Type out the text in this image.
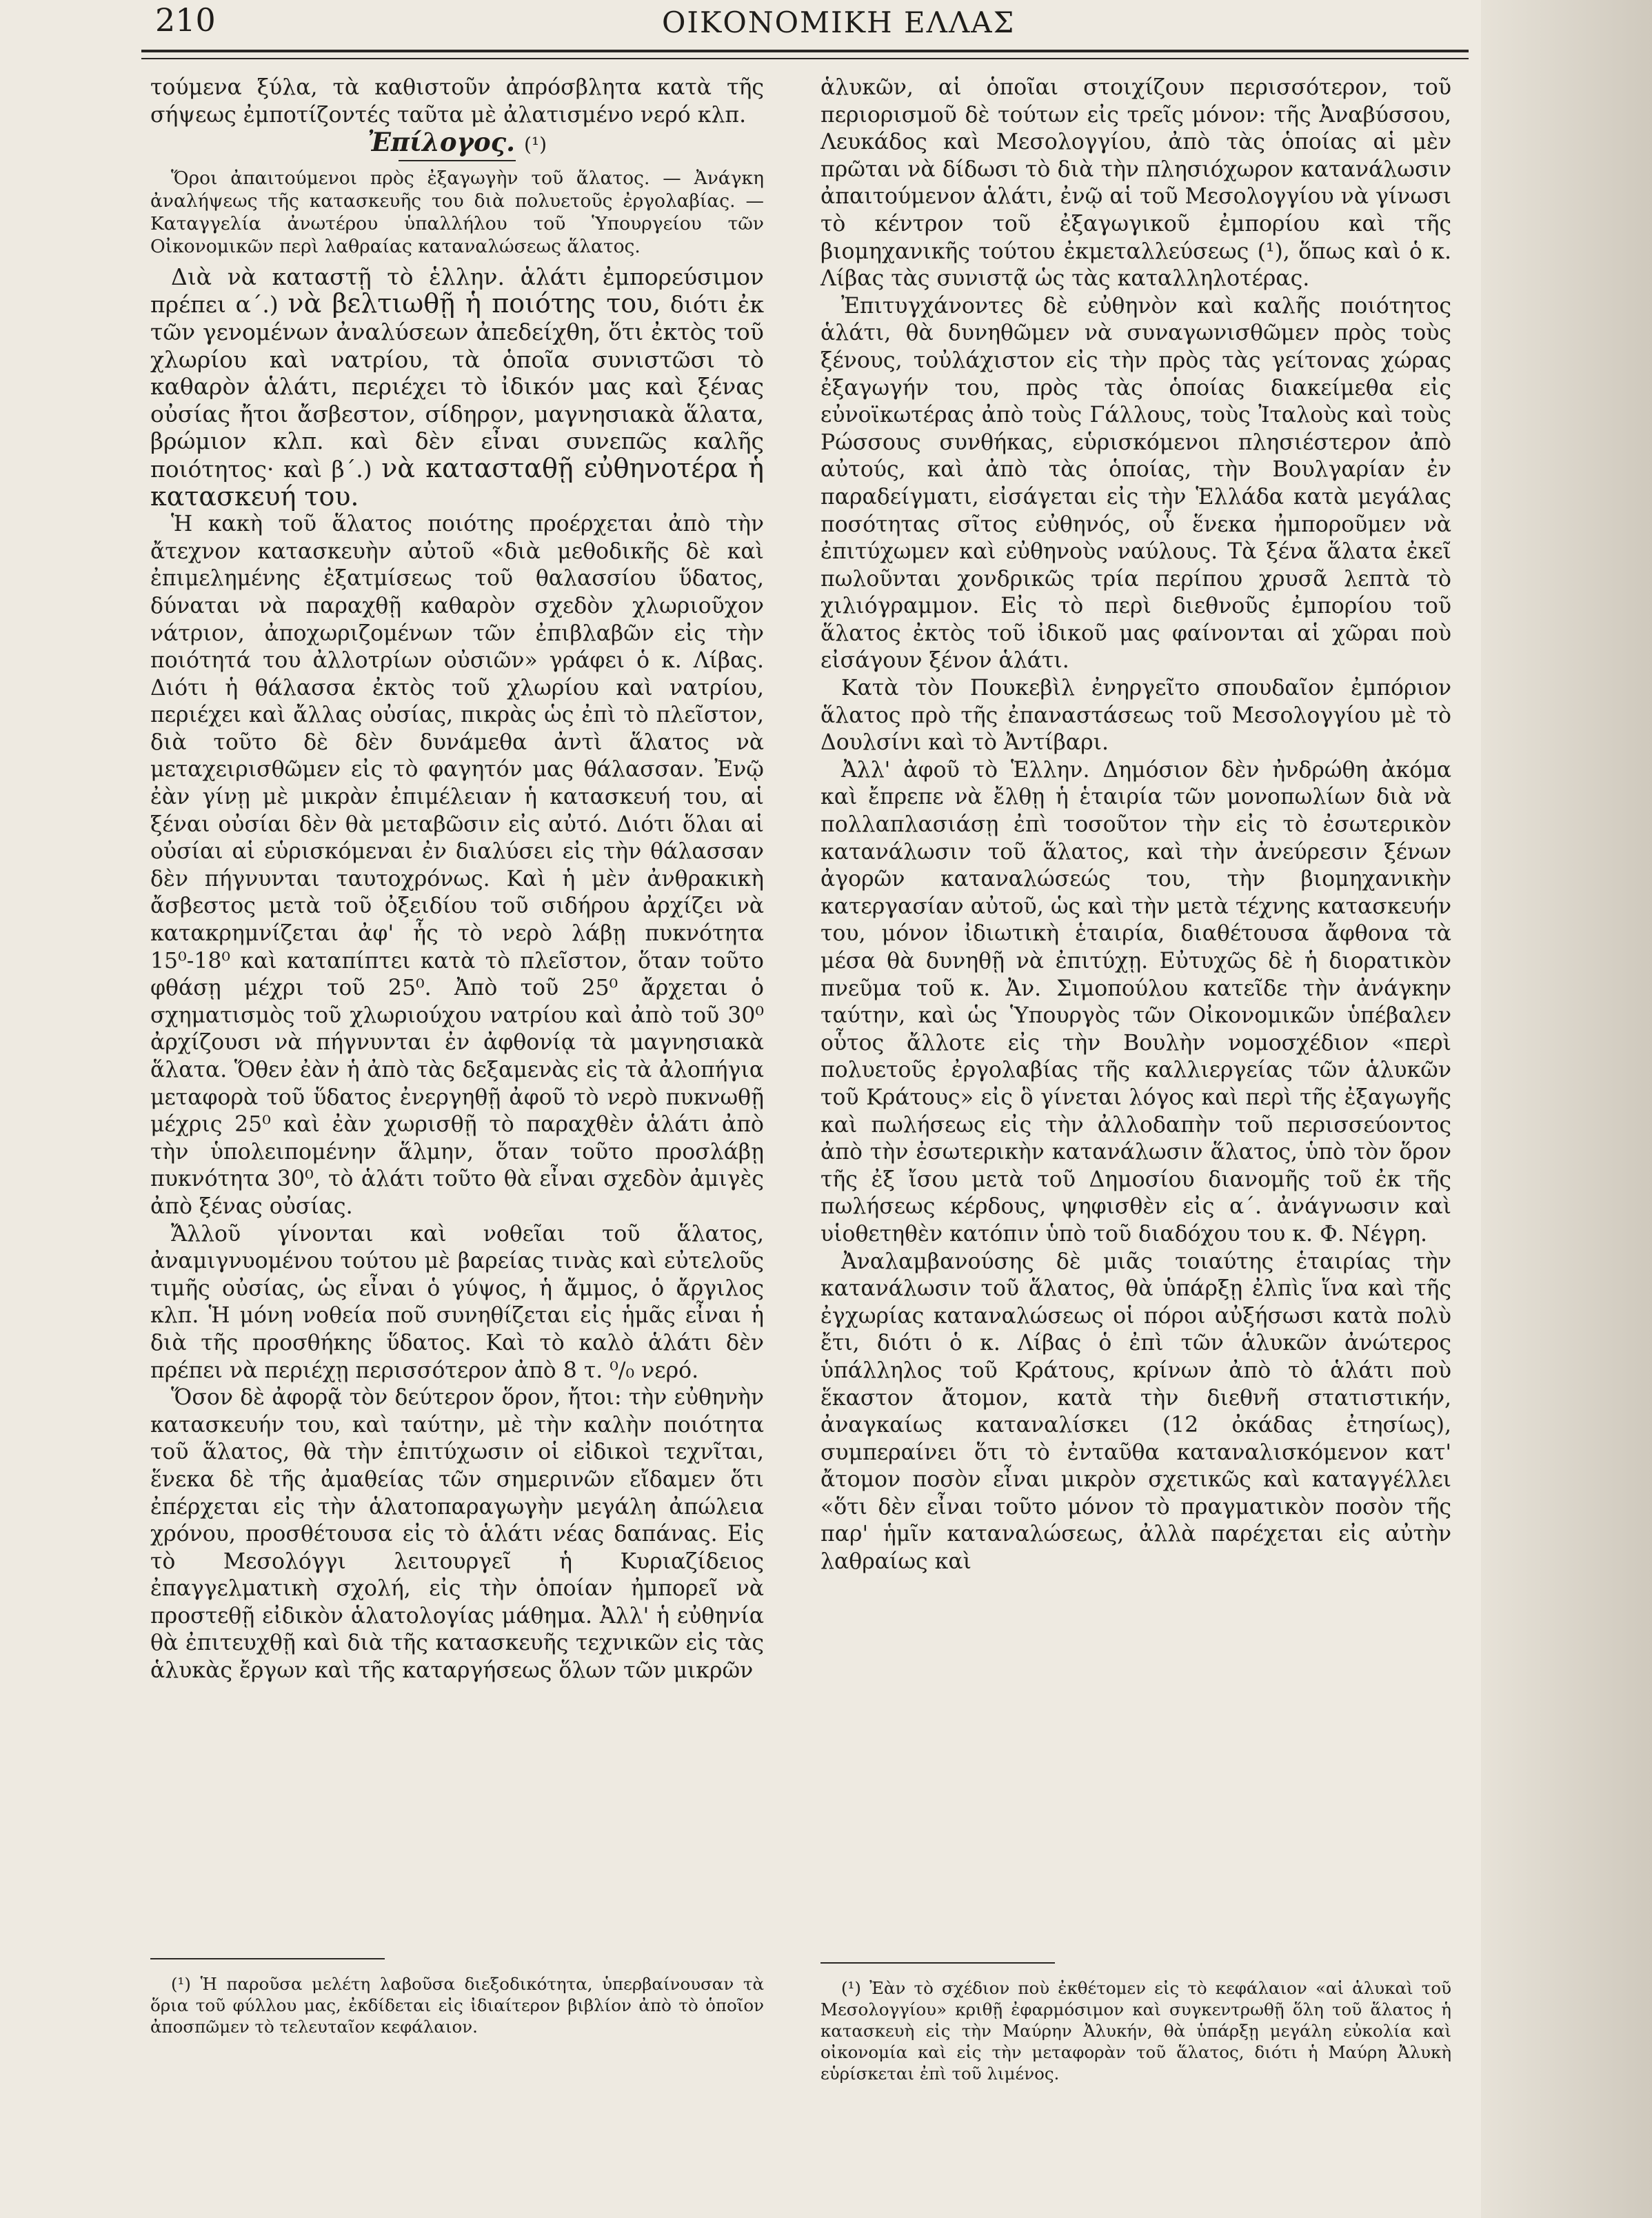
210	ΟΙΚΟΝΟΜΙΚΗ ΕΛΛΑΣ

τούμενα ξύλα, τὰ καθιστοῦν ἀπρόσβλητα κατὰ τῆς σήψεως ἐμποτίζοντές ταῦτα μὲ ἀλατισμένο νερό κλπ.

Ἐπίλογος. (¹)

Ὅροι ἀπαιτούμενοι πρὸς ἐξαγωγὴν τοῦ ἅλατος. — Ἀνάγκη ἀναλήψεως τῆς κατασκευῆς του διὰ πολυετοῦς ἐργολαβίας. — Καταγγελία ἀνωτέρου ὑπαλλήλου τοῦ Ὑπουργείου τῶν Οἰκονομικῶν περὶ λαθραίας καταναλώσεως ἅλατος.

Διὰ νὰ καταστῇ τὸ ἑλλην. ἁλάτι ἐμπορεύσιμον πρέπει α΄.) νὰ βελτιωθῇ ἡ ποιότης του, διότι ἐκ τῶν γενομένων ἀναλύσεων ἀπεδείχθη, ὅτι ἐκτὸς τοῦ χλωρίου καὶ νατρίου, τὰ ὁποῖα συνιστῶσι τὸ καθαρὸν ἁλάτι, περιέχει τὸ ἰδικόν μας καὶ ξένας οὐσίας ἤτοι ἄσβεστον, σίδηρον, μαγνησιακὰ ἅλατα, βρώμιον κλπ. καὶ δὲν εἶναι συνεπῶς καλῆς ποιότητος· καὶ β΄.) νὰ κατασταθῇ εὐθηνοτέρα ἡ κατασκευή του.

Ἡ κακὴ τοῦ ἅλατος ποιότης προέρχεται ἀπὸ τὴν ἄτεχνον κατασκευὴν αὐτοῦ «διὰ μεθοδικῆς δὲ καὶ ἐπιμελημένης ἐξατμίσεως τοῦ θαλασσίου ὕδατος, δύναται νὰ παραχθῇ καθαρὸν σχεδὸν χλωριοῦχον νάτριον, ἀποχωριζομένων τῶν ἐπιβλαβῶν εἰς τὴν ποιότητά του ἀλλοτρίων οὐσιῶν» γράφει ὁ κ. Λίβας. Διότι ἡ θάλασσα ἐκτὸς τοῦ χλωρίου καὶ νατρίου, περιέχει καὶ ἄλλας οὐσίας, πικρὰς ὡς ἐπὶ τὸ πλεῖστον, διὰ τοῦτο δὲ δὲν δυνάμεθα ἀντὶ ἅλατος νὰ μεταχειρισθῶμεν εἰς τὸ φαγητόν μας θάλασσαν. Ἐνῷ ἐὰν γίνῃ μὲ μικρὰν ἐπιμέλειαν ἡ κατασκευή του, αἱ ξέναι οὐσίαι δὲν θὰ μεταβῶσιν εἰς αὐτό. Διότι ὅλαι αἱ οὐσίαι αἱ εὑρισκόμεναι ἐν διαλύσει εἰς τὴν θάλασσαν δὲν πήγνυνται ταυτοχρόνως. Καὶ ἡ μὲν ἀνθρακικὴ ἄσβεστος μετὰ τοῦ ὀξειδίου τοῦ σιδήρου ἀρχίζει νὰ κατακρημνίζεται ἀφ' ἧς τὸ νερὸ λάβῃ πυκνότητα 15⁰-18⁰ καὶ καταπίπτει κατὰ τὸ πλεῖστον, ὅταν τοῦτο φθάσῃ μέχρι τοῦ 25⁰. Ἀπὸ τοῦ 25⁰ ἄρχεται ὁ σχηματισμὸς τοῦ χλωριούχου νατρίου καὶ ἀπὸ τοῦ 30⁰ ἀρχίζουσι νὰ πήγνυνται ἐν ἀφθονίᾳ τὰ μαγνησιακὰ ἅλατα. Ὅθεν ἐὰν ἡ ἀπὸ τὰς δεξαμενὰς εἰς τὰ ἀλοπήγια μεταφορὰ τοῦ ὕδατος ἐνεργηθῇ ἀφοῦ τὸ νερὸ πυκνωθῇ μέχρις 25⁰ καὶ ἐὰν χωρισθῇ τὸ παραχθὲν ἁλάτι ἀπὸ τὴν ὑπολειπομένην ἅλμην, ὅταν τοῦτο προσλάβῃ πυκνότητα 30⁰, τὸ ἁλάτι τοῦτο θὰ εἶναι σχεδὸν ἀμιγὲς ἀπὸ ξένας οὐσίας.

Ἄλλοῦ γίνονται καὶ νοθεῖαι τοῦ ἅλατος, ἀναμιγνυομένου τούτου μὲ βαρείας τινὰς καὶ εὐτελοῦς τιμῆς οὐσίας, ὡς εἶναι ὁ γύψος, ἡ ἄμμος, ὁ ἄργιλος κλπ. Ἡ μόνη νοθεία ποῦ συνηθίζεται εἰς ἡμᾶς εἶναι ἡ διὰ τῆς προσθήκης ὕδατος. Καὶ τὸ καλὸ ἁλάτι δὲν πρέπει νὰ περιέχῃ περισσότερον ἀπὸ 8 τ. ⁰/₀ νερό.

Ὅσον δὲ ἀφορᾷ τὸν δεύτερον ὅρον, ἤτοι: τὴν εὐθηνὴν κατασκευήν του, καὶ ταύτην, μὲ τὴν καλὴν ποιότητα τοῦ ἅλατος, θὰ τὴν ἐπιτύχωσιν οἱ εἰδικοὶ τεχνῖται, ἕνεκα δὲ τῆς ἀμαθείας τῶν σημερινῶν εἴδαμεν ὅτι ἐπέρχεται εἰς τὴν ἁλατοπαραγωγὴν μεγάλη ἀπώλεια χρόνου, προσθέτουσα εἰς τὸ ἁλάτι νέας δαπάνας. Εἰς τὸ Μεσολόγγι λειτουργεῖ ἡ Κυριαζίδειος ἐπαγγελματικὴ σχολή, εἰς τὴν ὁποίαν ἠμπορεῖ νὰ προστεθῇ εἰδικὸν ἁλατολογίας μάθημα. Ἀλλ' ἡ εὐθηνία θὰ ἐπιτευχθῇ καὶ διὰ τῆς κατασκευῆς τεχνικῶν εἰς τὰς ἁλυκὰς ἔργων καὶ τῆς καταργήσεως ὅλων τῶν μικρῶν

(¹) Ἡ παροῦσα μελέτη λαβοῦσα διεξοδικότητα, ὑπερβαίνουσαν τὰ ὅρια τοῦ φύλλου μας, ἐκδίδεται εἰς ἰδιαίτερον βιβλίον ἀπὸ τὸ ὁποῖον ἀποσπῶμεν τὸ τελευταῖον κεφάλαιον.

ἁλυκῶν, αἱ ὁποῖαι στοιχίζουν περισσότερον, τοῦ περιορισμοῦ δὲ τούτων εἰς τρεῖς μόνον: τῆς Ἀναβύσσου, Λευκάδος καὶ Μεσολογγίου, ἀπὸ τὰς ὁποίας αἱ μὲν πρῶται νὰ δίδωσι τὸ διὰ τὴν πλησιόχωρον κατανάλωσιν ἀπαιτούμενον ἁλάτι, ἐνῷ αἱ τοῦ Μεσολογγίου νὰ γίνωσι τὸ κέντρον τοῦ ἐξαγωγικοῦ ἐμπορίου καὶ τῆς βιομηχανικῆς τούτου ἐκμεταλλεύσεως (¹), ὅπως καὶ ὁ κ. Λίβας τὰς συνιστᾷ ὡς τὰς καταλληλοτέρας.

Ἐπιτυγχάνοντες δὲ εὐθηνὸν καὶ καλῆς ποιότητος ἁλάτι, θὰ δυνηθῶμεν νὰ συναγωνισθῶμεν πρὸς τοὺς ξένους, τοὐλάχιστον εἰς τὴν πρὸς τὰς γείτονας χώρας ἐξαγωγήν του, πρὸς τὰς ὁποίας διακείμεθα εἰς εὐνοϊκωτέρας ἀπὸ τοὺς Γάλλους, τοὺς Ἰταλοὺς καὶ τοὺς Ρώσσους συνθήκας, εὑρισκόμενοι πλησιέστερον ἀπὸ αὐτούς, καὶ ἀπὸ τὰς ὁποίας, τὴν Βουλγαρίαν ἐν παραδείγματι, εἰσάγεται εἰς τὴν Ἑλλάδα κατὰ μεγάλας ποσότητας σῖτος εὐθηνός, οὗ ἕνεκα ἠμποροῦμεν νὰ ἐπιτύχωμεν καὶ εὐθηνοὺς ναύλους. Τὰ ξένα ἅλατα ἐκεῖ πωλοῦνται χονδρικῶς τρία περίπου χρυσᾶ λεπτὰ τὸ χιλιόγραμμον. Εἰς τὸ περὶ διεθνοῦς ἐμπορίου τοῦ ἅλατος ἐκτὸς τοῦ ἰδικοῦ μας φαίνονται αἱ χῶραι ποὺ εἰσάγουν ξένον ἁλάτι.

Κατὰ τὸν Πουκεβὶλ ἐνηργεῖτο σπουδαῖον ἐμπόριον ἅλατος πρὸ τῆς ἐπαναστάσεως τοῦ Μεσολογγίου μὲ τὸ Δουλσίνι καὶ τὸ Ἀντίβαρι.

Ἀλλ' ἀφοῦ τὸ Ἑλλην. Δημόσιον δὲν ἠνδρώθη ἀκόμα καὶ ἔπρεπε νὰ ἔλθῃ ἡ ἑταιρία τῶν μονοπωλίων διὰ νὰ πολλαπλασιάσῃ ἐπὶ τοσοῦτον τὴν εἰς τὸ ἐσωτερικὸν κατανάλωσιν τοῦ ἅλατος, καὶ τὴν ἀνεύρεσιν ξένων ἀγορῶν καταναλώσεώς του, τὴν βιομηχανικὴν κατεργασίαν αὐτοῦ, ὡς καὶ τὴν μετὰ τέχνης κατασκευήν του, μόνον ἰδιωτικὴ ἑταιρία, διαθέτουσα ἄφθονα τὰ μέσα θὰ δυνηθῇ νὰ ἐπιτύχῃ. Εὐτυχῶς δὲ ἡ διορατικὸν πνεῦμα τοῦ κ. Ἀν. Σιμοπούλου κατεῖδε τὴν ἀνάγκην ταύτην, καὶ ὡς Ὑπουργὸς τῶν Οἰκονομικῶν ὑπέβαλεν οὗτος ἄλλοτε εἰς τὴν Βουλὴν νομοσχέδιον «περὶ πολυετοῦς ἐργολαβίας τῆς καλλιεργείας τῶν ἁλυκῶν τοῦ Κράτους» εἰς ὃ γίνεται λόγος καὶ περὶ τῆς ἐξαγωγῆς καὶ πωλήσεως εἰς τὴν ἀλλοδαπὴν τοῦ περισσεύοντος ἀπὸ τὴν ἐσωτερικὴν κατανάλωσιν ἅλατος, ὑπὸ τὸν ὅρον τῆς ἐξ ἴσου μετὰ τοῦ Δημοσίου διανομῆς τοῦ ἐκ τῆς πωλήσεως κέρδους, ψηφισθὲν εἰς α΄. ἀνάγνωσιν καὶ υἱοθετηθὲν κατόπιν ὑπὸ τοῦ διαδόχου του κ. Φ. Νέγρη.

Ἀναλαμβανούσης δὲ μιᾶς τοιαύτης ἑταιρίας τὴν κατανάλωσιν τοῦ ἅλατος, θὰ ὑπάρξῃ ἐλπὶς ἵνα καὶ τῆς ἐγχωρίας καταναλώσεως οἱ πόροι αὐξήσωσι κατὰ πολὺ ἔτι, διότι ὁ κ. Λίβας ὁ ἐπὶ τῶν ἁλυκῶν ἀνώτερος ὑπάλληλος τοῦ Κράτους, κρίνων ἀπὸ τὸ ἁλάτι ποὺ ἕκαστον ἄτομον, κατὰ τὴν διεθνῆ στατιστικήν, ἀναγκαίως καταναλίσκει (12 ὀκάδας ἐτησίως), συμπεραίνει ὅτι τὸ ἐνταῦθα καταναλισκόμενον κατ' ἄτομον ποσὸν εἶναι μικρὸν σχετικῶς καὶ καταγγέλλει «ὅτι δὲν εἶναι τοῦτο μόνον τὸ πραγματικὸν ποσὸν τῆς παρ' ἡμῖν καταναλώσεως, ἀλλὰ παρέχεται εἰς αὐτὴν λαθραίως καὶ

(¹) Ἐὰν τὸ σχέδιον ποὺ ἐκθέτομεν εἰς τὸ κεφάλαιον «αἱ ἁλυκαὶ τοῦ Μεσολογγίου» κριθῇ ἐφαρμόσιμον καὶ συγκεντρωθῇ ὅλη τοῦ ἅλατος ἡ κατασκευὴ εἰς τὴν Μαύρην Ἀλυκήν, θὰ ὑπάρξῃ μεγάλη εὐκολία καὶ οἰκονομία καὶ εἰς τὴν μεταφορὰν τοῦ ἅλατος, διότι ἡ Μαύρη Ἀλυκὴ εὑρίσκεται ἐπὶ τοῦ λιμένος.
